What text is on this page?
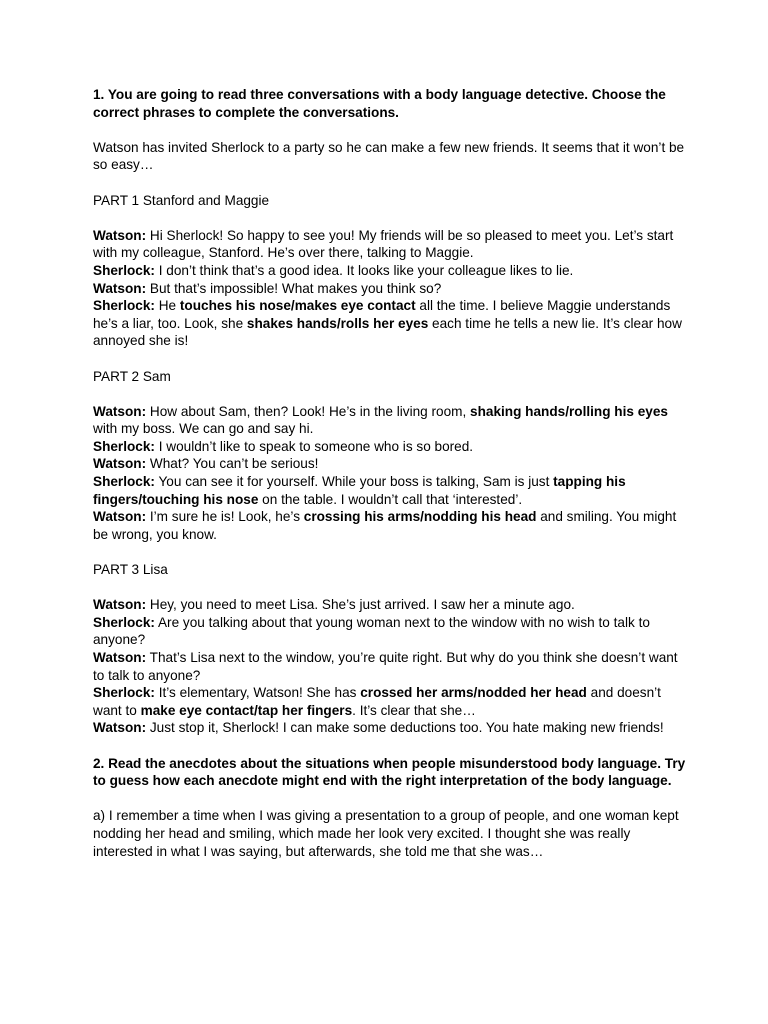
1. You are going to read three conversations with a body language detective. Choose the correct phrases to complete the conversations.

Watson has invited Sherlock to a party so he can make a few new friends. It seems that it won’t be so easy…

PART 1 Stanford and Maggie

Watson: Hi Sherlock! So happy to see you! My friends will be so pleased to meet you. Let’s start with my colleague, Stanford. He’s over there, talking to Maggie.
Sherlock: I don’t think that’s a good idea. It looks like your colleague likes to lie.
Watson: But that’s impossible! What makes you think so?
Sherlock: He touches his nose/makes eye contact all the time. I believe Maggie understands he’s a liar, too. Look, she shakes hands/rolls her eyes each time he tells a new lie. It’s clear how annoyed she is!

PART 2 Sam

Watson: How about Sam, then? Look! He’s in the living room, shaking hands/rolling his eyes with my boss. We can go and say hi.
Sherlock: I wouldn’t like to speak to someone who is so bored.
Watson: What? You can’t be serious!
Sherlock: You can see it for yourself. While your boss is talking, Sam is just tapping his fingers/touching his nose on the table. I wouldn’t call that ‘interested’.
Watson: I’m sure he is! Look, he’s crossing his arms/nodding his head and smiling. You might be wrong, you know.

PART 3 Lisa

Watson: Hey, you need to meet Lisa. She’s just arrived. I saw her a minute ago.
Sherlock: Are you talking about that young woman next to the window with no wish to talk to anyone?
Watson: That’s Lisa next to the window, you’re quite right. But why do you think she doesn’t want to talk to anyone?
Sherlock: It’s elementary, Watson! She has crossed her arms/nodded her head and doesn’t want to make eye contact/tap her fingers. It’s clear that she…
Watson: Just stop it, Sherlock! I can make some deductions too. You hate making new friends!

2. Read the anecdotes about the situations when people misunderstood body language. Try to guess how each anecdote might end with the right interpretation of the body language.

a) I remember a time when I was giving a presentation to a group of people, and one woman kept nodding her head and smiling, which made her look very excited. I thought she was really interested in what I was saying, but afterwards, she told me that she was…
